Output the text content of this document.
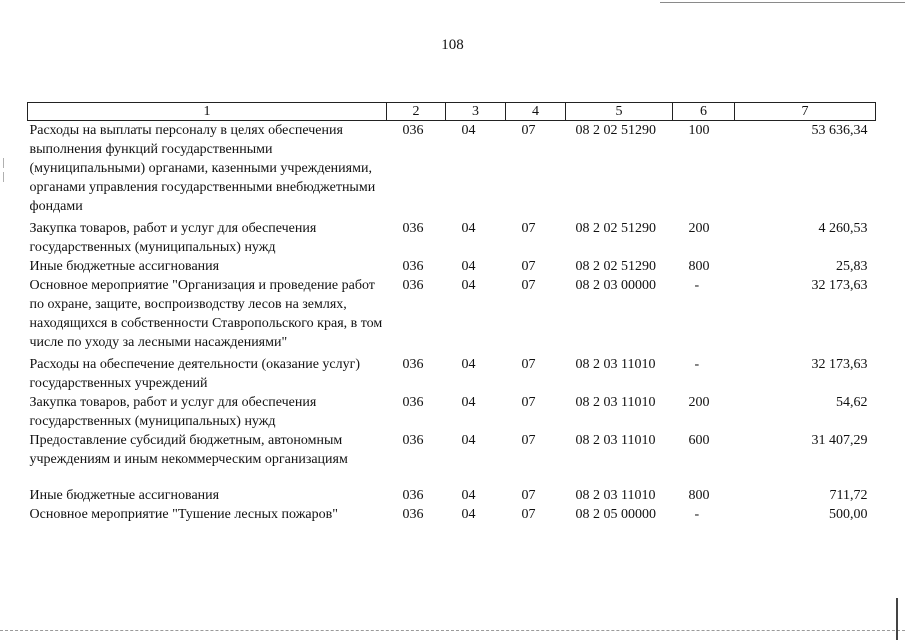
108
1	2	3	4	5	6	7
Расходы на выплаты персоналу в целях обеспечения выполнения функций государственными (муниципальными) органами, казенными учреждениями, органами управления государственными внебюджетными фондами	036	04	07	08 2 02 51290	100	53 636,34
Закупка товаров, работ и услуг для обеспечения государственных (муниципальных) нужд	036	04	07	08 2 02 51290	200	4 260,53
Иные бюджетные ассигнования	036	04	07	08 2 02 51290	800	25,83
Основное мероприятие "Организация и проведение работ по охране, защите, воспроизводству лесов на землях, находящихся в собственности Ставропольского края, в том числе по уходу за лесными насаждениями"	036	04	07	08 2 03 00000	-	32 173,63
Расходы на обеспечение деятельности (оказание услуг) государственных учреждений	036	04	07	08 2 03 11010	-	32 173,63
Закупка товаров, работ и услуг для обеспечения государственных (муниципальных) нужд	036	04	07	08 2 03 11010	200	54,62
Предоставление субсидий бюджетным, автономным учреждениям и иным некоммерческим организациям	036	04	07	08 2 03 11010	600	31 407,29
Иные бюджетные ассигнования	036	04	07	08 2 03 11010	800	711,72
Основное мероприятие "Тушение лесных пожаров"	036	04	07	08 2 05 00000	-	500,00
